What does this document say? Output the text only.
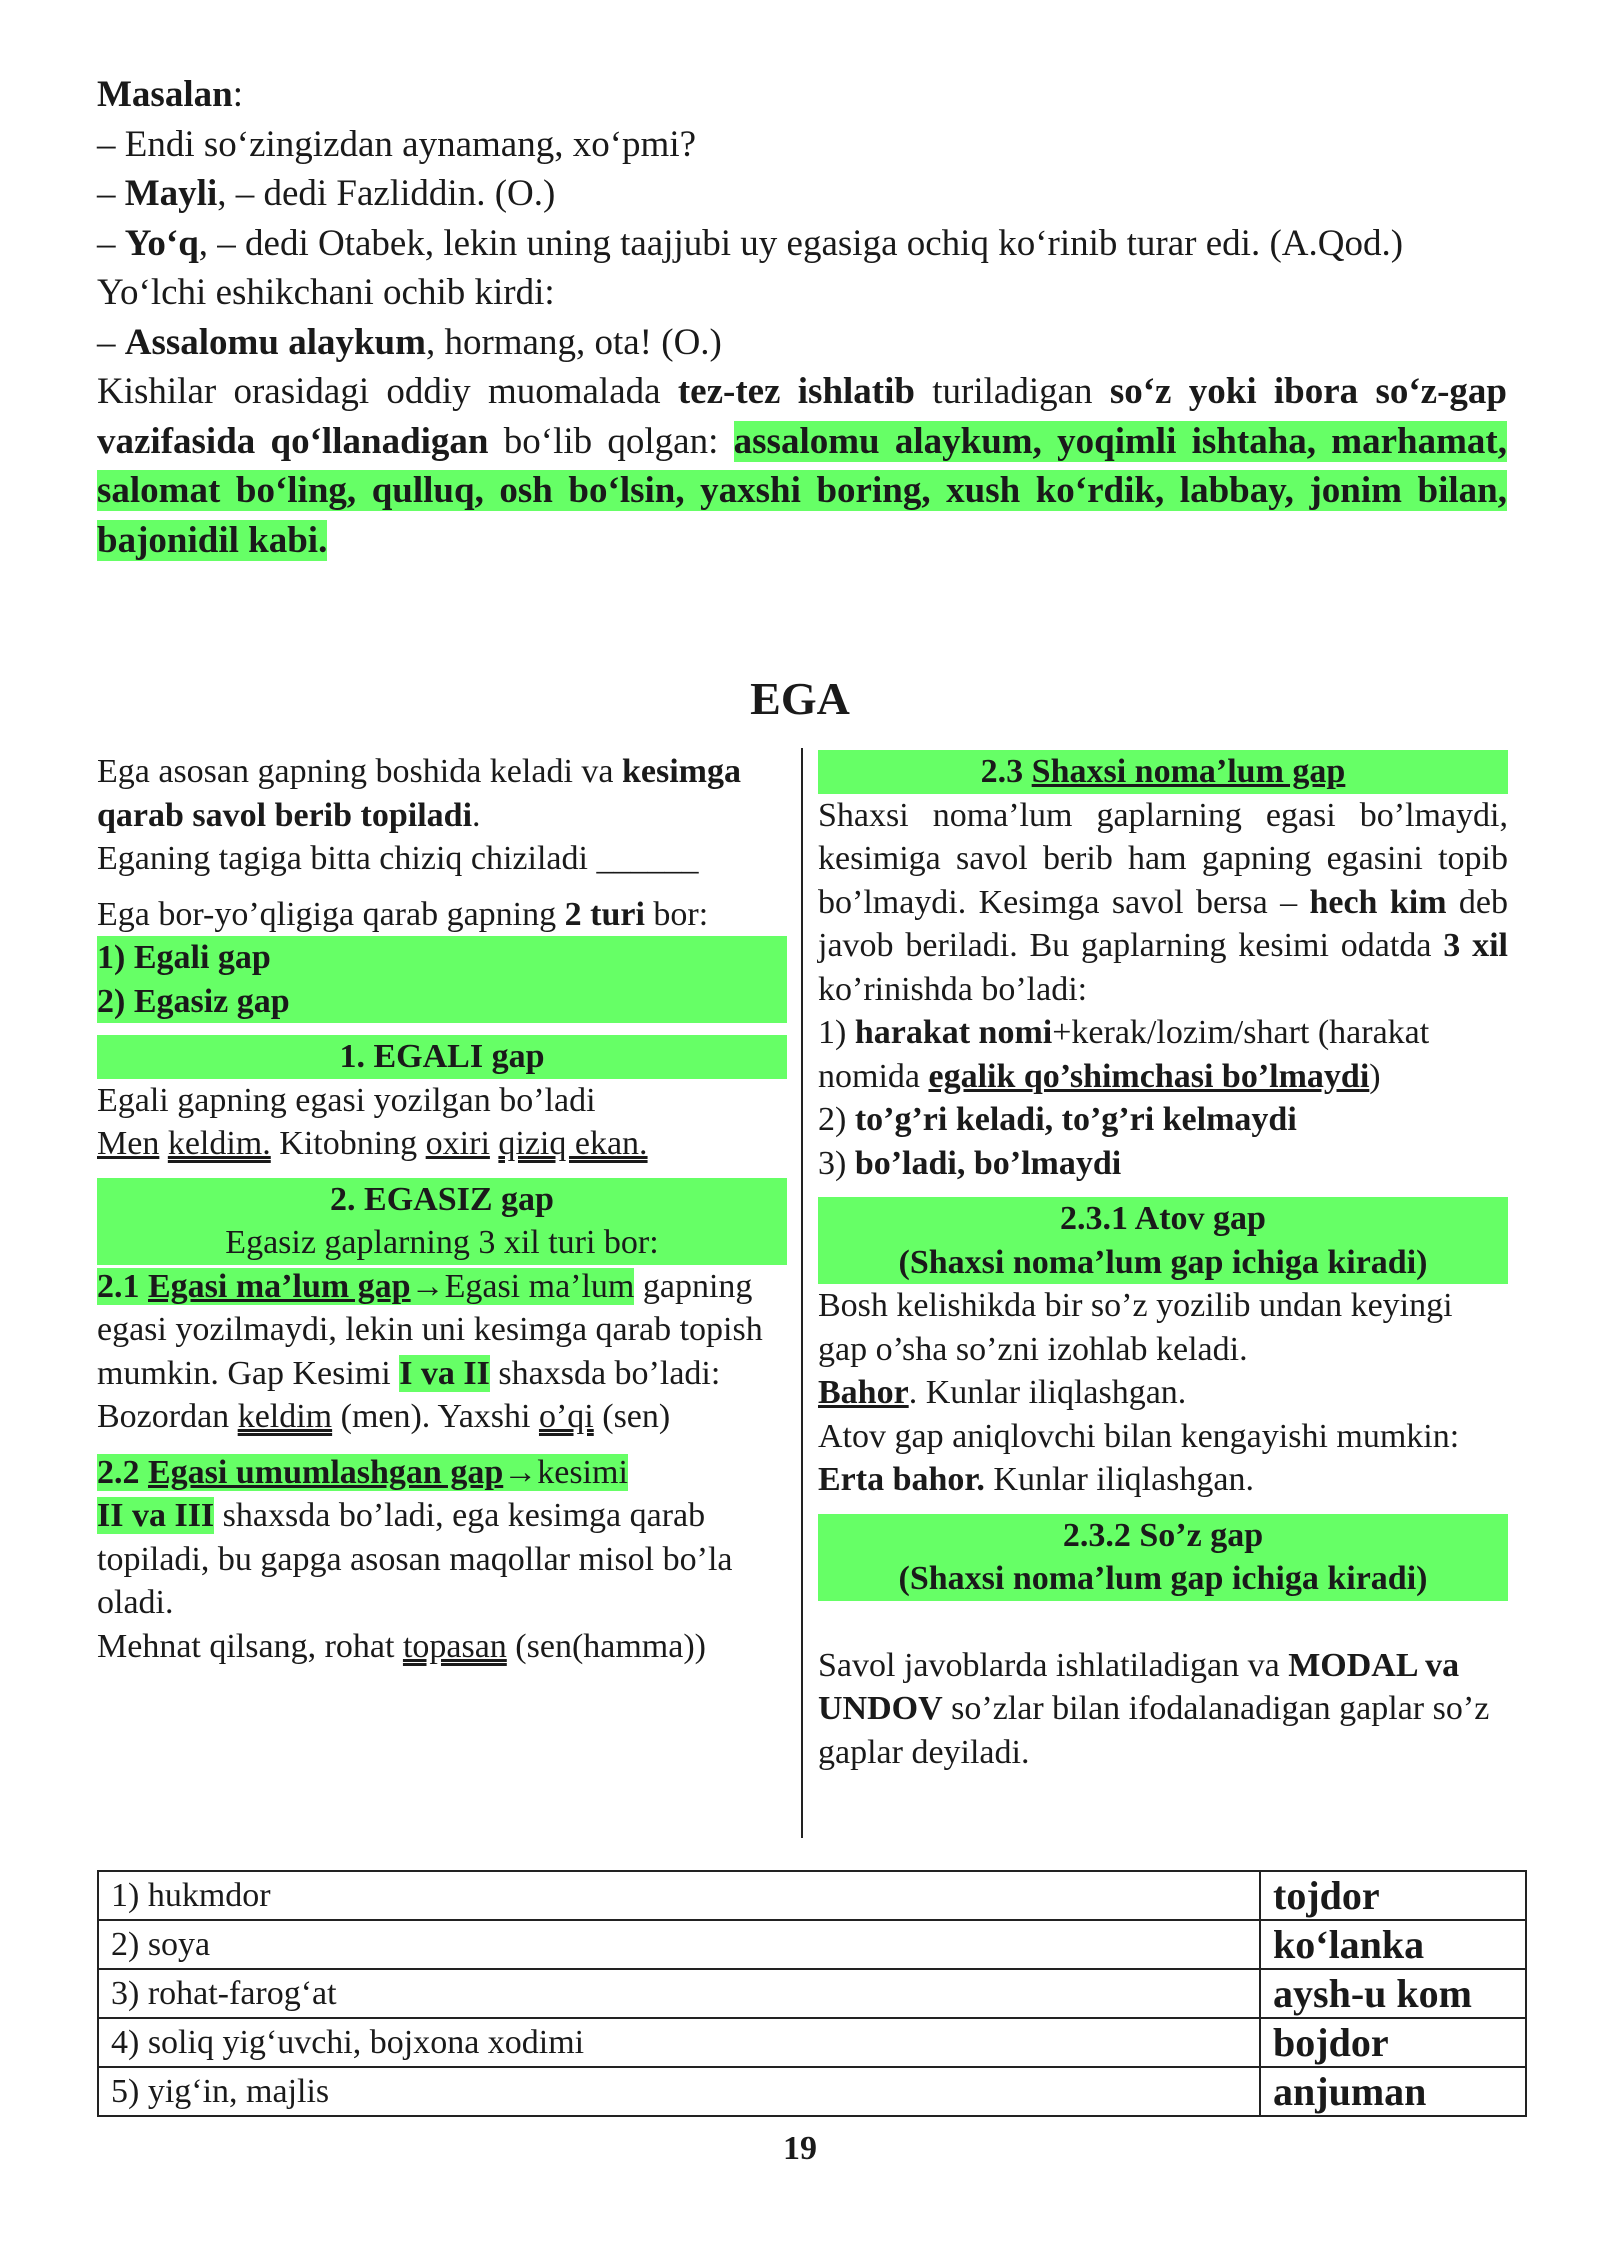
Masalan:

– Endi so‘zingizdan aynamang, xo‘pmi?

– Mayli, – dedi Fazliddin. (O.)

– Yo‘q, – dedi Otabek, lekin uning taajjubi uy egasiga ochiq ko‘rinib turar edi. (A.Qod.)

Yo‘lchi eshikchani ochib kirdi:

– Assalomu alaykum, hormang, ota! (O.)

Kishilar orasidagi oddiy muomalada tez-tez ishlatib turiladigan so‘z yoki ibora so‘z-gap vazifasida qo‘llanadigan bo‘lib qolgan: assalomu alaykum, yoqimli ishtaha, marhamat, salomat bo‘ling, qulluq, osh bo‘lsin, yaxshi boring, xush ko‘rdik, labbay, jonim bilan, bajonidil kabi.

EGA

Ega asosan gapning boshida keladi va kesimga qarab savol berib topiladi.

Eganing tagiga bitta chiziq chiziladi ______

Ega bor-yo’qligiga qarab gapning 2 turi bor:

1) Egali gap

2) Egasiz gap

1. EGALI gap

Egali gapning egasi yozilgan bo’ladi

Men keldim. Kitobning oxiri qiziq ekan.

2. EGASIZ gap
Egasiz gaplarning 3 xil turi bor:

2.1 Egasi ma’lum gap→Egasi ma’lum gapning egasi yozilmaydi, lekin uni kesimga qarab topish mumkin. Gap Kesimi I va II shaxsda bo’ladi:

Bozordan keldim (men). Yaxshi o’qi (sen)

2.2 Egasi umumlashgan gap→kesimi
II va III shaxsda bo’ladi, ega kesimga qarab topiladi, bu gapga asosan maqollar misol bo’la oladi.

Mehnat qilsang, rohat topasan (sen(hamma))

2.3 Shaxsi noma’lum gap

Shaxsi noma’lum gaplarning egasi bo’lmaydi, kesimiga savol berib ham gapning egasini topib bo’lmaydi. Kesimga savol bersa – hech kim deb javob beriladi. Bu gaplarning kesimi odatda 3 xil ko’rinishda bo’ladi:

1) harakat nomi+kerak/lozim/shart (harakat nomida egalik qo’shimchasi bo’lmaydi)

2) to’g’ri keladi, to’g’ri kelmaydi

3) bo’ladi, bo’lmaydi

2.3.1 Atov gap
(Shaxsi noma’lum gap ichiga kiradi)

Bosh kelishikda bir so’z yozilib undan keyingi gap o’sha so’zni izohlab keladi.

Bahor. Kunlar iliqlashgan.

Atov gap aniqlovchi bilan kengayishi mumkin: Erta bahor. Kunlar iliqlashgan.

2.3.2 So’z gap
(Shaxsi noma’lum gap ichiga kiradi)

Savol javoblarda ishlatiladigan va MODAL va UNDOV so’zlar bilan ifodalanadigan gaplar so’z gaplar deyiladi.

1) hukmdor	tojdor
2) soya	ko‘lanka
3) rohat-farog‘at	aysh-u kom
4) soliq yig‘uvchi, bojxona xodimi	bojdor
5) yig‘in, majlis	anjuman
19
